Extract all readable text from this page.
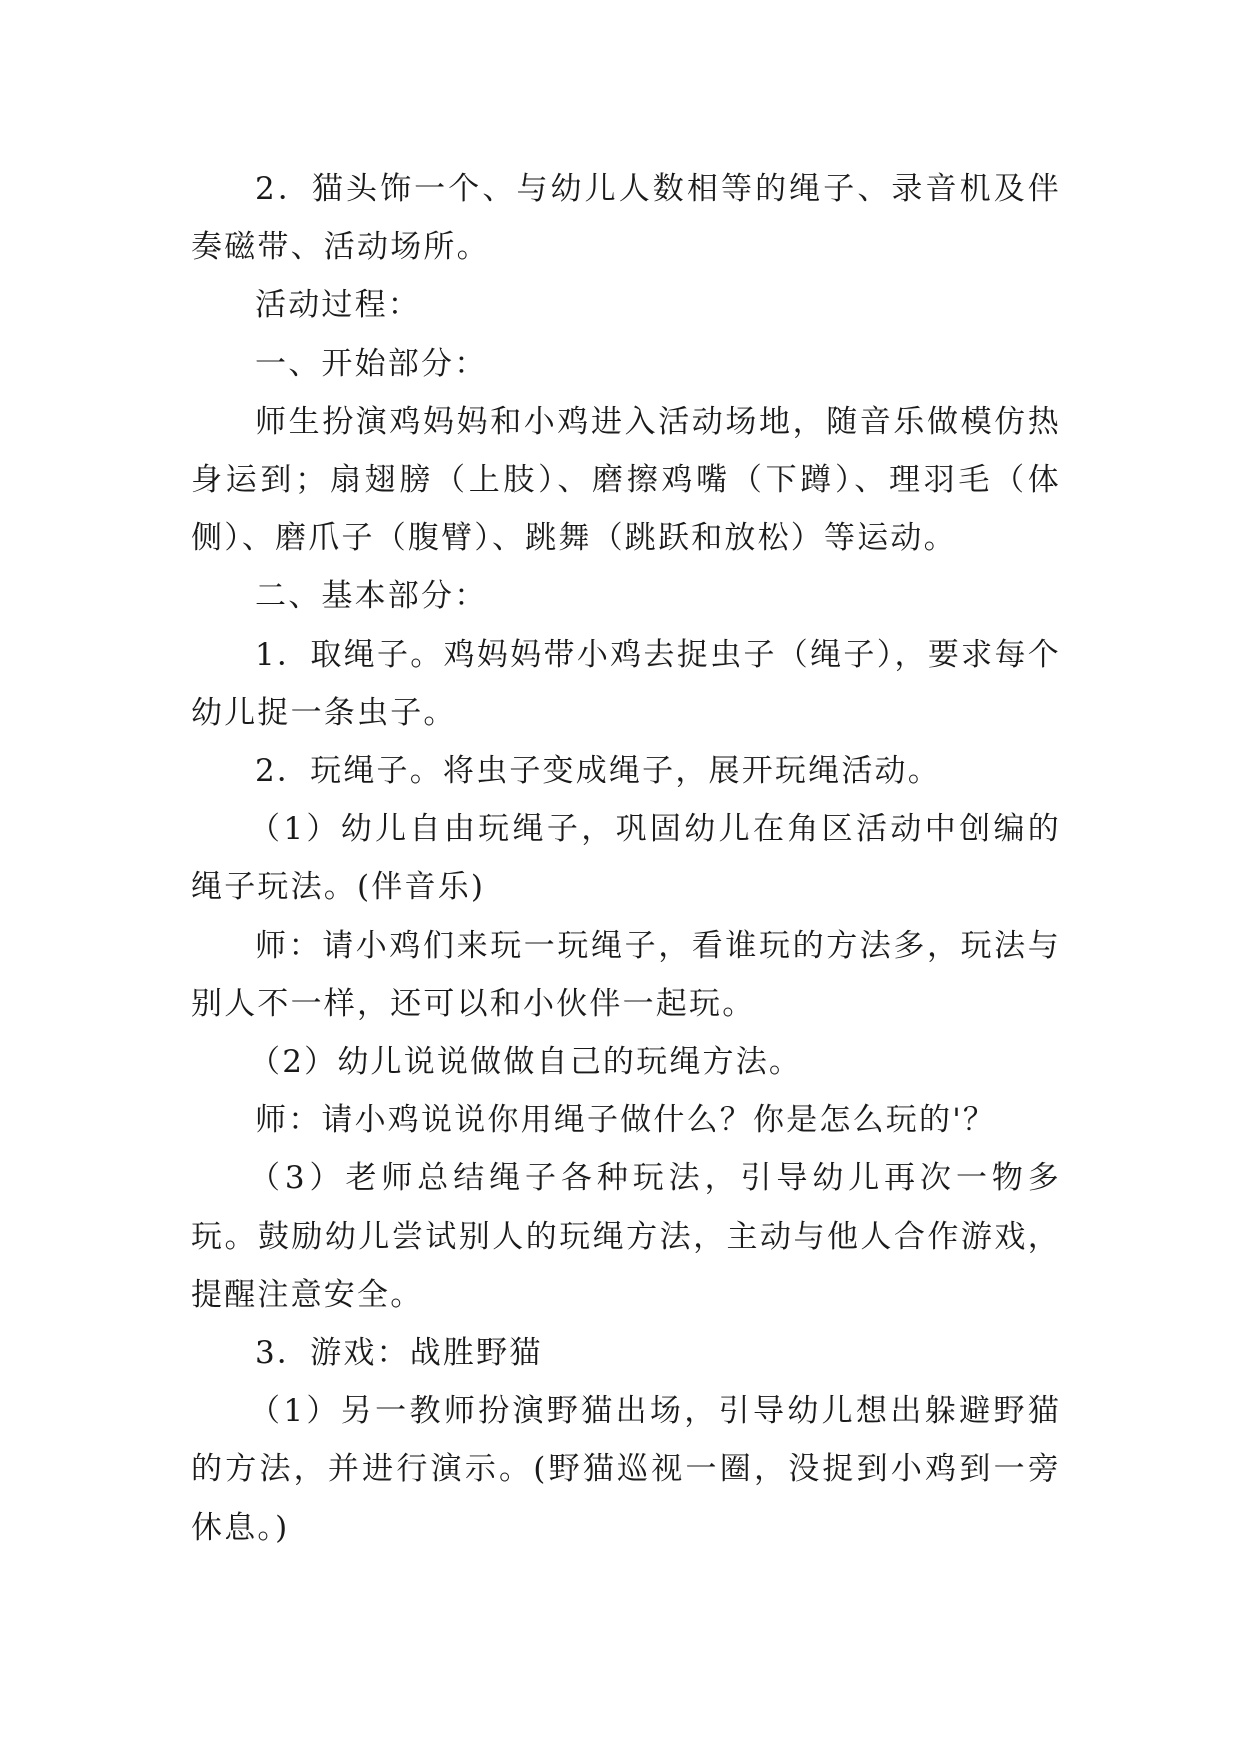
2．猫头饰一个、与幼儿人数相等的绳子、录音机及伴奏磁带、活动场所。

活动过程：

一、开始部分：

师生扮演鸡妈妈和小鸡进入活动场地，随音乐做模仿热身运到；扇翅膀（上肢）、磨擦鸡嘴（下蹲）、理羽毛（体侧）、磨爪子（腹臂）、跳舞（跳跃和放松）等运动。

二、基本部分：

1．取绳子。鸡妈妈带小鸡去捉虫子（绳子），要求每个幼儿捉一条虫子。

2．玩绳子。将虫子变成绳子，展开玩绳活动。

（1）幼儿自由玩绳子，巩固幼儿在角区活动中创编的绳子玩法。(伴音乐)

师：请小鸡们来玩一玩绳子，看谁玩的方法多，玩法与别人不一样，还可以和小伙伴一起玩。

（2）幼儿说说做做自己的玩绳方法。

师：请小鸡说说你用绳子做什么？你是怎么玩的'？

（3）老师总结绳子各种玩法，引导幼儿再次一物多玩。鼓励幼儿尝试别人的玩绳方法，主动与他人合作游戏，提醒注意安全。

3．游戏：战胜野猫

（1）另一教师扮演野猫出场，引导幼儿想出躲避野猫的方法，并进行演示。(野猫巡视一圈，没捉到小鸡到一旁休息。)
